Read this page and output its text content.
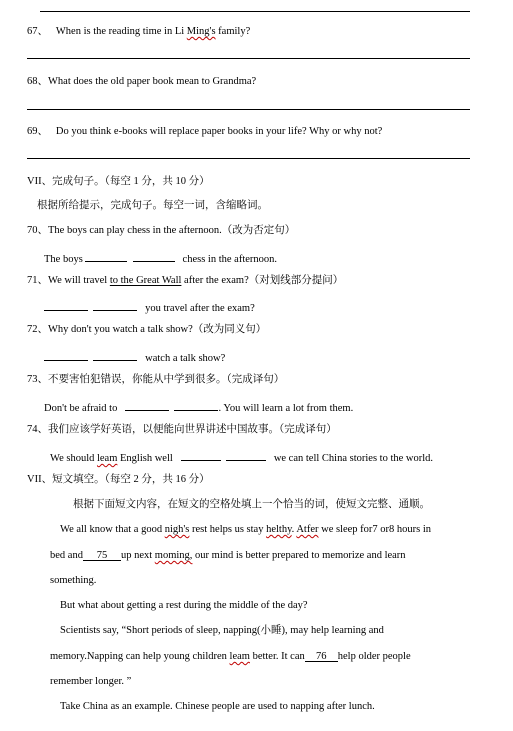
67、 When is the reading time in Li Ming's family?
68、What does the old paper book mean to Grandma?
69、 Do you think e-books will replace paper books in your life? Why or why not?
VII、完成句子。（每空 1 分，共 10 分）
根据所给提示，完成句子。每空一词，含缩略词。
70、The boys can play chess in the afternoon.（改为否定句）
The boys	chess in the afternoon.
71、We will travel to the Great Wall after the exam?（对划线部分提问）
you travel after the exam?
72、Why don't you watch a talk show?（改为同义句）
watch a talk show?
73、不要害怕犯错误，你能从中学到很多。（完成译句）
Don't be afraid to	. You will learn a lot from them.
74、我们应该学好英语，以便能向世界讲述中国故事。（完成译句）
We should leam English well	we can tell China stories to the world.
VII、短文填空。（每空 2 分，共 16 分）
根据下面短文内容，在短文的空格处填上一个恰当的词，使短文完整、通顺。
We all know that a good nigh's rest helps us stay helthy. Atfer we sleep for7 or8 hours in
bed and 75 up next moming, our mind is better prepared to memorize and learn
something.
But what about getting a rest during the middle of the day?
Scientists say, “Short periods of sleep, napping(小睡), may help learning and
memory.Napping can help young children leam better. It can 76 help older people
remember longer. ”
Take China as an example. Chinese people are used to napping after lunch.
